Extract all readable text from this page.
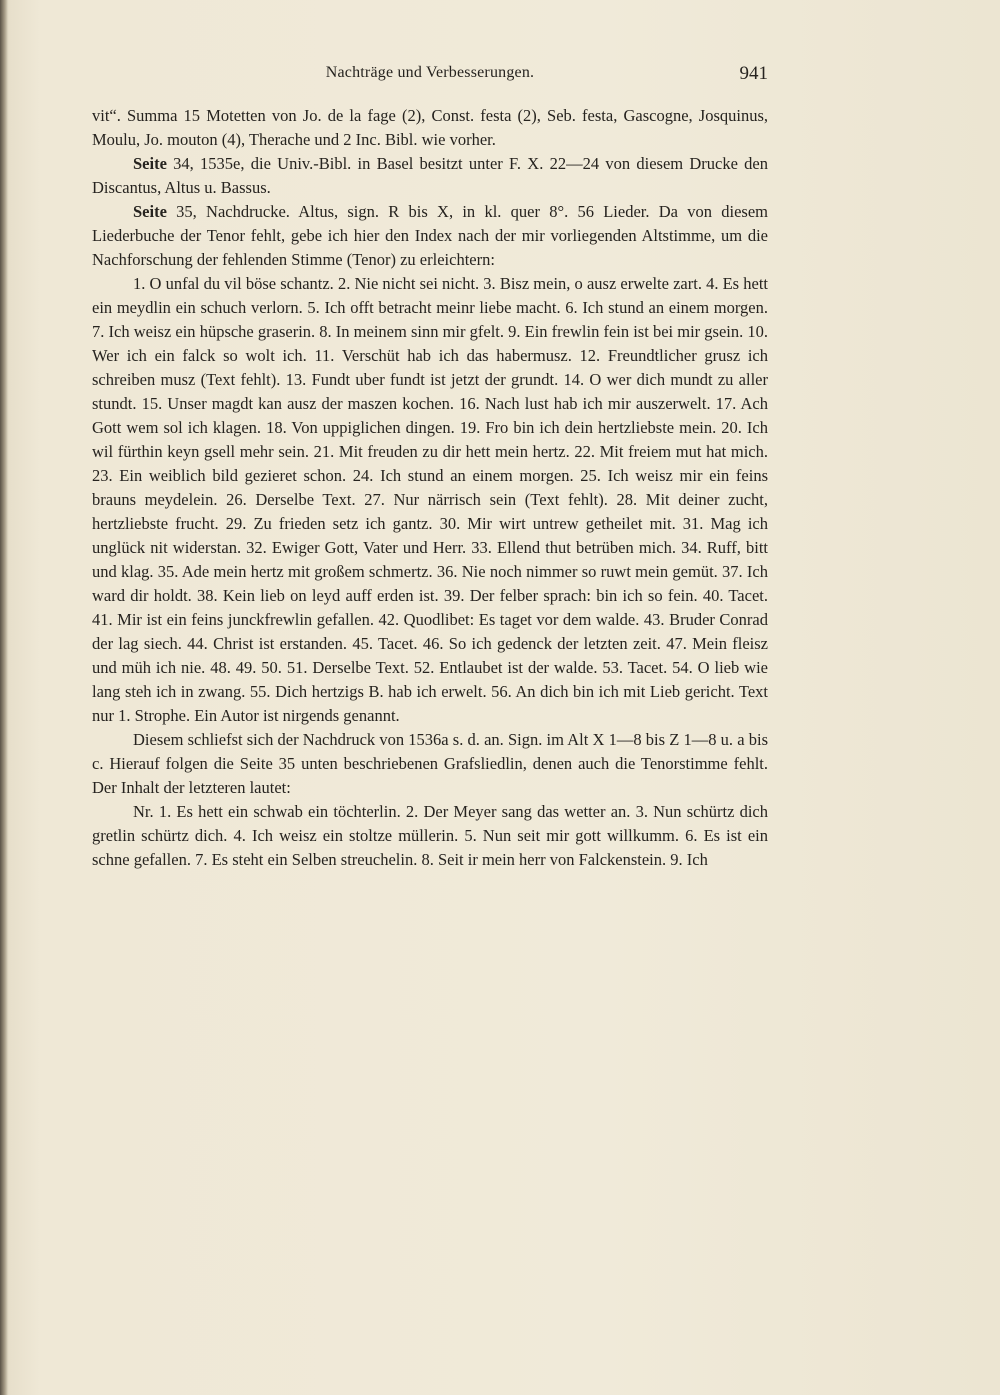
Nachträge und Verbesserungen.	941

vit“. Summa 15 Motetten von Jo. de la fage (2), Const. festa (2), Seb. festa, Gascogne, Josquinus, Moulu, Jo. mouton (4), Therache und 2 Inc. Bibl. wie vorher.

Seite 34, 1535e, die Univ.-Bibl. in Basel besitzt unter F. X. 22—24 von diesem Drucke den Discantus, Altus u. Bassus.

Seite 35, Nachdrucke. Altus, sign. R bis X, in kl. quer 8°. 56 Lieder. Da von diesem Liederbuche der Tenor fehlt, gebe ich hier den Index nach der mir vorliegenden Altstimme, um die Nachforschung der fehlenden Stimme (Tenor) zu erleichtern:

1. O unfal du vil böse schantz. 2. Nie nicht sei nicht. 3. Bisz mein, o ausz erwelte zart. 4. Es hett ein meydlin ein schuch verlorn. 5. Ich offt betracht meinr liebe macht. 6. Ich stund an einem morgen. 7. Ich weisz ein hüpsche graserin. 8. In meinem sinn mir gfelt. 9. Ein frewlin fein ist bei mir gsein. 10. Wer ich ein falck so wolt ich. 11. Verschüt hab ich das habermusz. 12. Freundtlicher grusz ich schreiben musz (Text fehlt). 13. Fundt uber fundt ist jetzt der grundt. 14. O wer dich mundt zu aller stundt. 15. Unser magdt kan ausz der maszen kochen. 16. Nach lust hab ich mir auszerwelt. 17. Ach Gott wem sol ich klagen. 18. Von uppiglichen dingen. 19. Fro bin ich dein hertzliebste mein. 20. Ich wil fürthin keyn gsell mehr sein. 21. Mit freuden zu dir hett mein hertz. 22. Mit freiem mut hat mich. 23. Ein weiblich bild gezieret schon. 24. Ich stund an einem morgen. 25. Ich weisz mir ein feins brauns meydelein. 26. Derselbe Text. 27. Nur närrisch sein (Text fehlt). 28. Mit deiner zucht, hertzliebste frucht. 29. Zu frieden setz ich gantz. 30. Mir wirt untrew getheilet mit. 31. Mag ich unglück nit widerstan. 32. Ewiger Gott, Vater und Herr. 33. Ellend thut betrüben mich. 34. Ruff, bitt und klag. 35. Ade mein hertz mit großem schmertz. 36. Nie noch nimmer so ruwt mein gemüt. 37. Ich ward dir holdt. 38. Kein lieb on leyd auff erden ist. 39. Der felber sprach: bin ich so fein. 40. Tacet. 41. Mir ist ein feins junckfrewlin gefallen. 42. Quodlibet: Es taget vor dem walde. 43. Bruder Conrad der lag siech. 44. Christ ist erstanden. 45. Tacet. 46. So ich gedenck der letzten zeit. 47. Mein fleisz und müh ich nie. 48. 49. 50. 51. Derselbe Text. 52. Entlaubet ist der walde. 53. Tacet. 54. O lieb wie lang steh ich in zwang. 55. Dich hertzigs B. hab ich erwelt. 56. An dich bin ich mit Lieb gericht. Text nur 1. Strophe. Ein Autor ist nirgends genannt.

Diesem schliefst sich der Nachdruck von 1536a s. d. an. Sign. im Alt X 1—8 bis Z 1—8 u. a bis c. Hierauf folgen die Seite 35 unten beschriebenen Grafsliedlin, denen auch die Tenorstimme fehlt. Der Inhalt der letzteren lautet:

Nr. 1. Es hett ein schwab ein töchterlin. 2. Der Meyer sang das wetter an. 3. Nun schürtz dich gretlin schürtz dich. 4. Ich weisz ein stoltze müllerin. 5. Nun seit mir gott willkumm. 6. Es ist ein schne gefallen. 7. Es steht ein Selben streuchelin. 8. Seit ir mein herr von Falckenstein. 9. Ich
